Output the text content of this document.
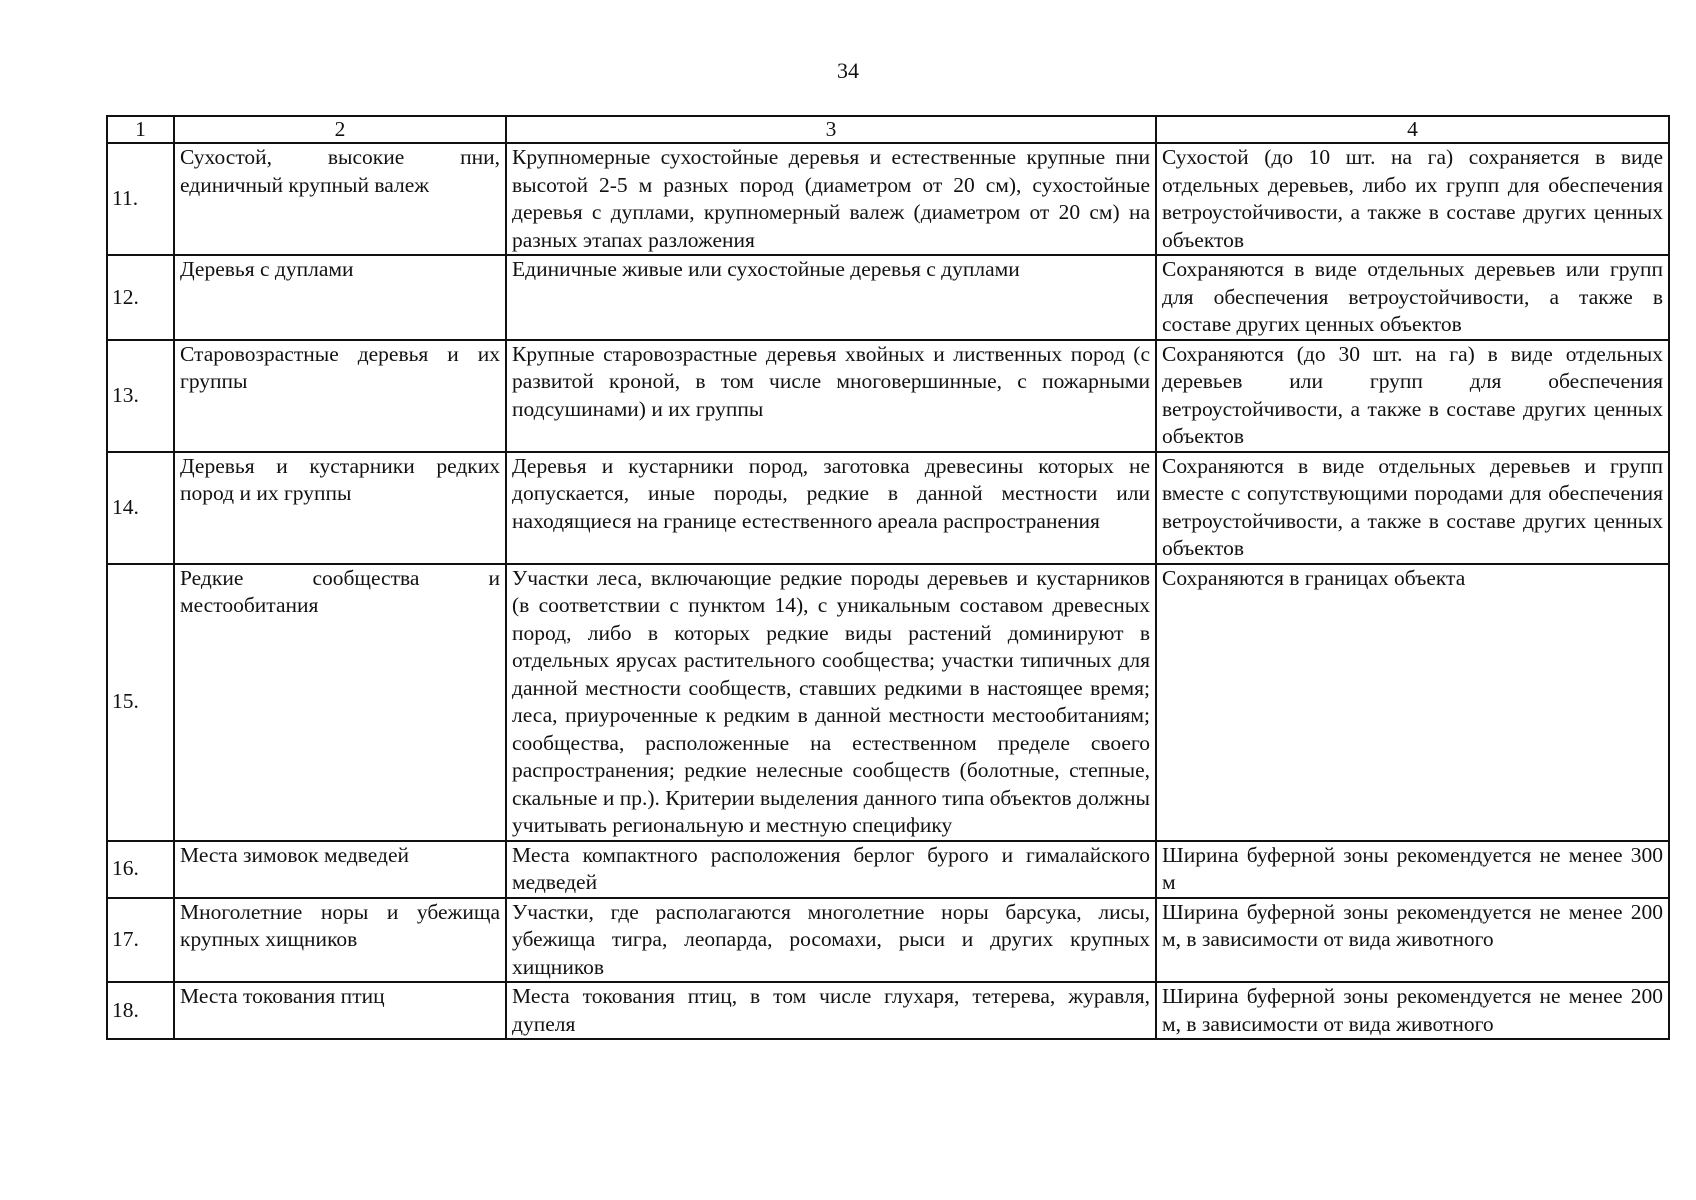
34
1	2	3	4
11.	Сухостой, высокие пни, единичный крупный валеж	Крупномерные сухостойные деревья и естественные крупные пни высотой 2-5 м разных пород (диаметром от 20 см), сухостойные деревья с дуплами, крупномерный валеж (диаметром от 20 см) на разных этапах разложения	Сухостой (до 10 шт. на га) сохраняется в виде отдельных деревьев, либо их групп для обеспечения ветроустойчивости, а также в составе других ценных объектов
12.	Деревья с дуплами	Единичные живые или сухостойные деревья с дуплами	Сохраняются в виде отдельных деревьев или групп для обеспечения ветроустойчивости, а также в составе других ценных объектов
13.	Старовозрастные деревья и их группы	Крупные старовозрастные деревья хвойных и лиственных пород (с развитой кроной, в том числе многовершинные, с пожарными подсушинами) и их группы	Сохраняются (до 30 шт. на га) в виде отдельных деревьев или групп для обеспечения ветроустойчивости, а также в составе других ценных объектов
14.	Деревья и кустарники редких пород и их группы	Деревья и кустарники пород, заготовка древесины которых не допускается, иные породы, редкие в данной местности или находящиеся на границе естественного ареала распространения	Сохраняются в виде отдельных деревьев и групп вместе с сопутствующими породами для обеспечения ветроустойчивости, а также в составе других ценных объектов
15.	Редкие сообщества и местообитания	Участки леса, включающие редкие породы деревьев и кустарников (в соответствии с пунктом 14), с уникальным составом древесных пород, либо в которых редкие виды растений доминируют в отдельных ярусах растительного сообщества; участки типичных для данной местности сообществ, ставших редкими в настоящее время; леса, приуроченные к редким в данной местности местообитаниям; сообщества, расположенные на естественном пределе своего распространения; редкие нелесные сообществ (болотные, степные, скальные и пр.). Критерии выделения данного типа объектов должны учитывать региональную и местную специфику	Сохраняются в границах объекта
16.	Места зимовок медведей	Места компактного расположения берлог бурого и гималайского медведей	Ширина буферной зоны рекомендуется не менее 300 м
17.	Многолетние норы и убежища крупных хищников	Участки, где располагаются многолетние норы барсука, лисы, убежища тигра, леопарда, росомахи, рыси и других крупных хищников	Ширина буферной зоны рекомендуется не менее 200 м, в зависимости от вида животного
18.	Места токования птиц	Места токования птиц, в том числе глухаря, тетерева, журавля, дупеля	Ширина буферной зоны рекомендуется не менее 200 м, в зависимости от вида животного
